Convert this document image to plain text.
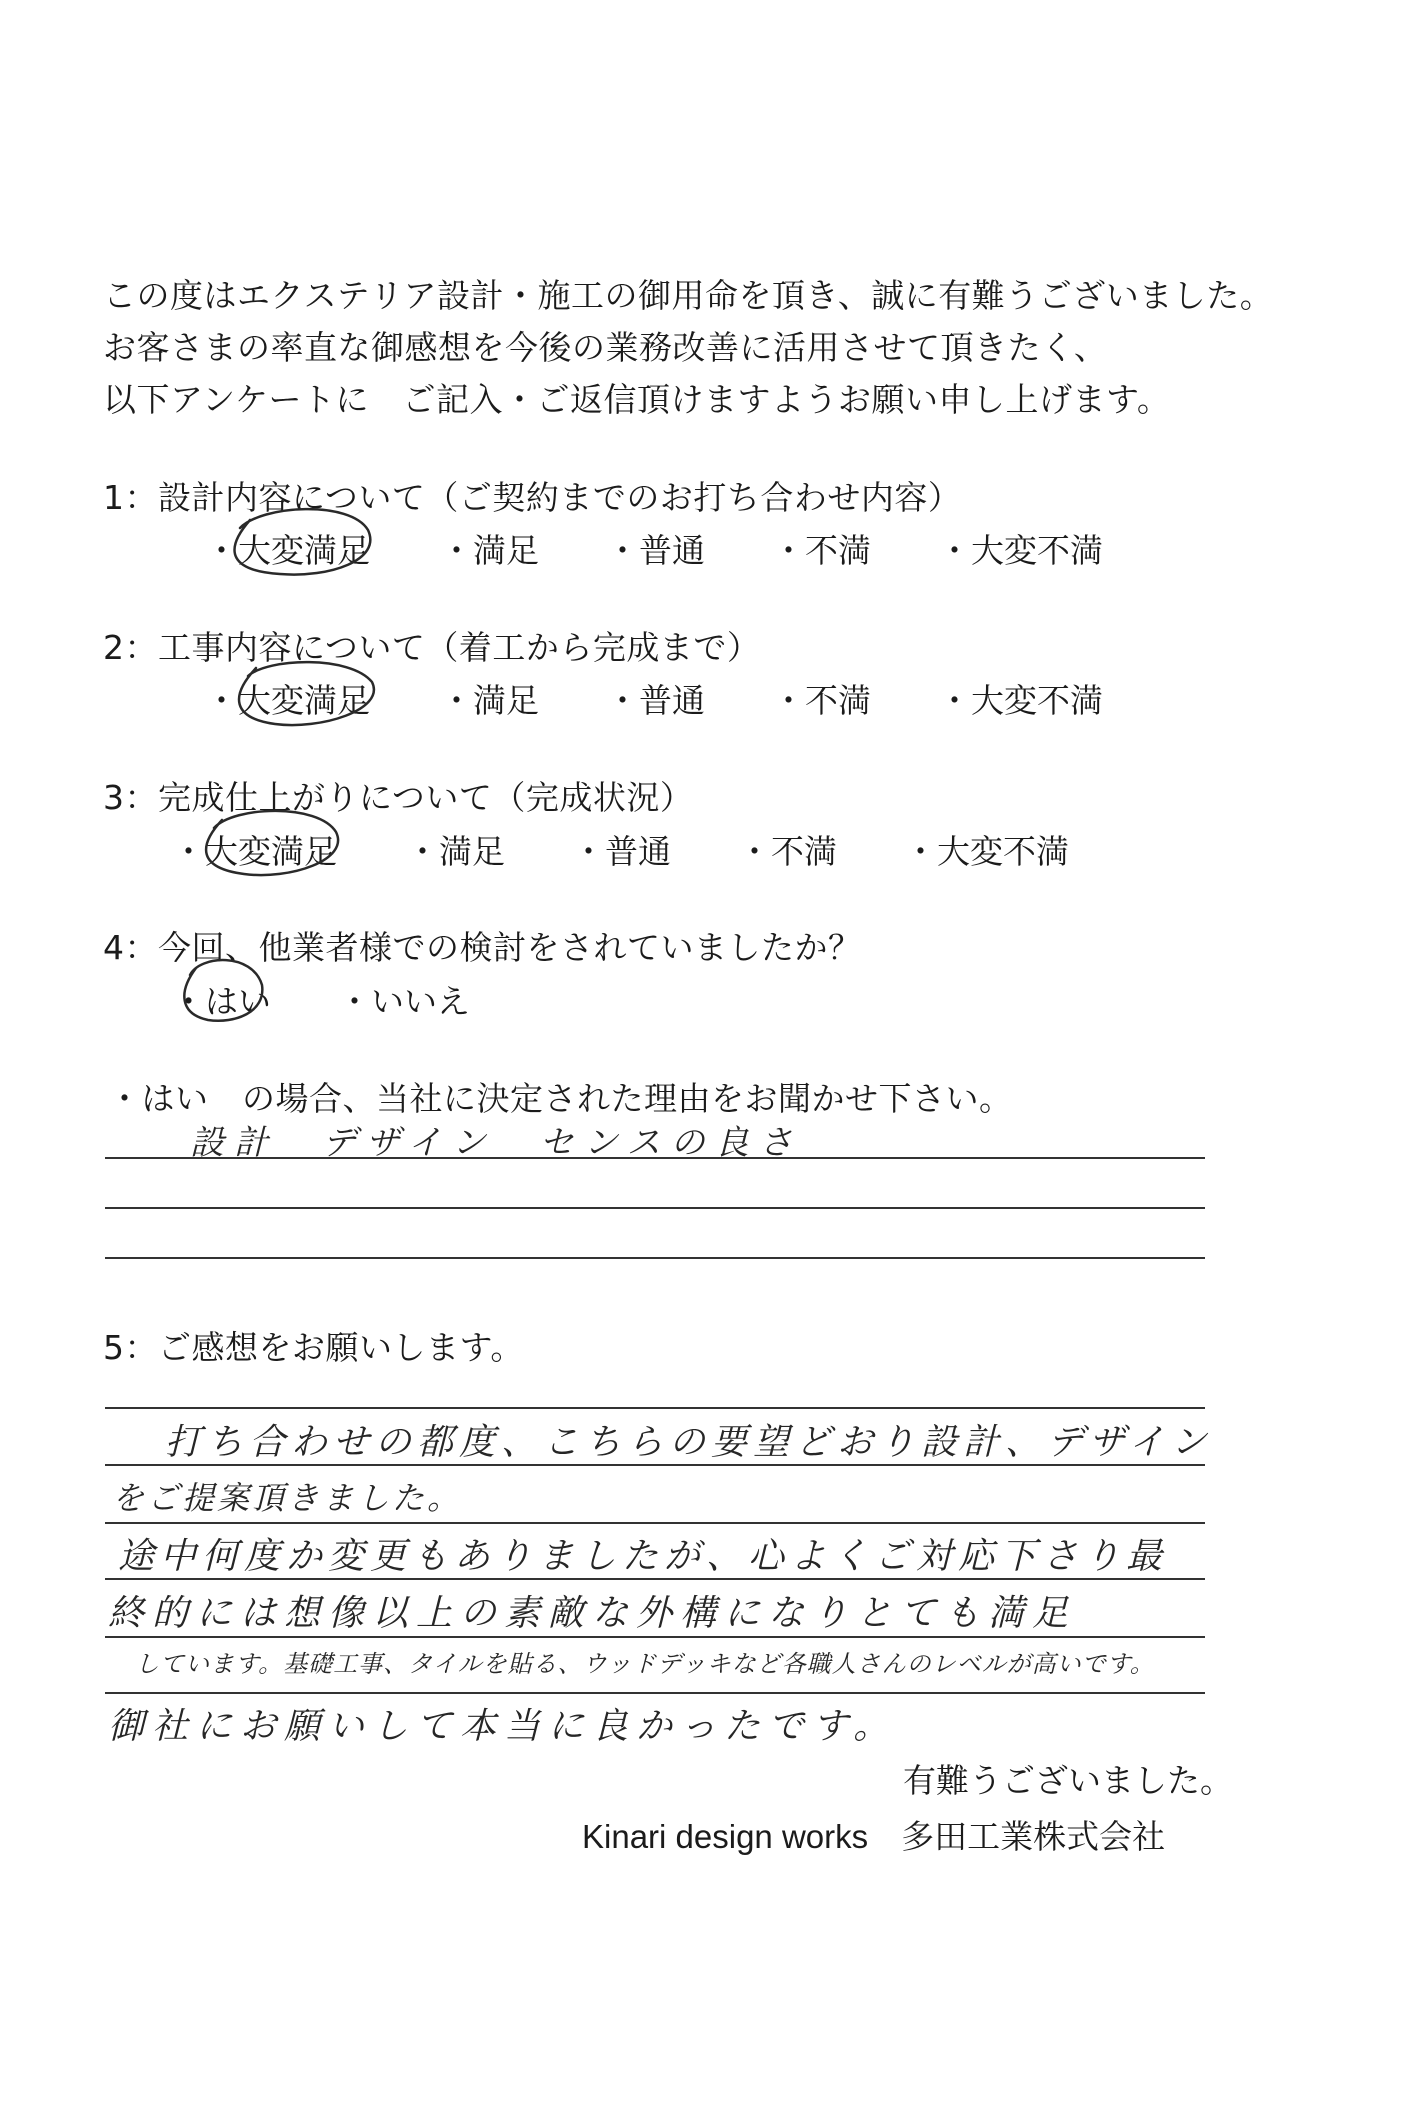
この度はエクステリア設計・施工の御用命を頂き、誠に有難うございました。
お客さまの率直な御感想を今後の業務改善に活用させて頂きたく、
以下アンケートに　ご記入・ご返信頂けますようお願い申し上げます。
1：設計内容について（ご契約までのお打ち合わせ内容）
・大変満足 ・満足 ・普通 ・不満 ・大変不満
2：工事内容について（着工から完成まで）
・大変満足 ・満足 ・普通 ・不満 ・大変不満
3：完成仕上がりについて（完成状況）
・大変満足 ・満足 ・普通 ・不満 ・大変不満
4：今回、他業者様での検討をされていましたか？
・はい ・いいえ
・はい　の場合、当社に決定された理由をお聞かせ下さい。
設計　デザイン　センスの良さ
5：ご感想をお願いします。
打ち合わせの都度、こちらの要望どおり設計、デザイン
をご提案頂きました。
途中何度か変更もありましたが、心よくご対応下さり最
終的には想像以上の素敵な外構になりとても満足
しています。基礎工事、タイルを貼る、ウッドデッキなど各職人さんのレベルが高いです。
御社にお願いして本当に良かったです。
有難うございました。
Kinari design works　多田工業株式会社
